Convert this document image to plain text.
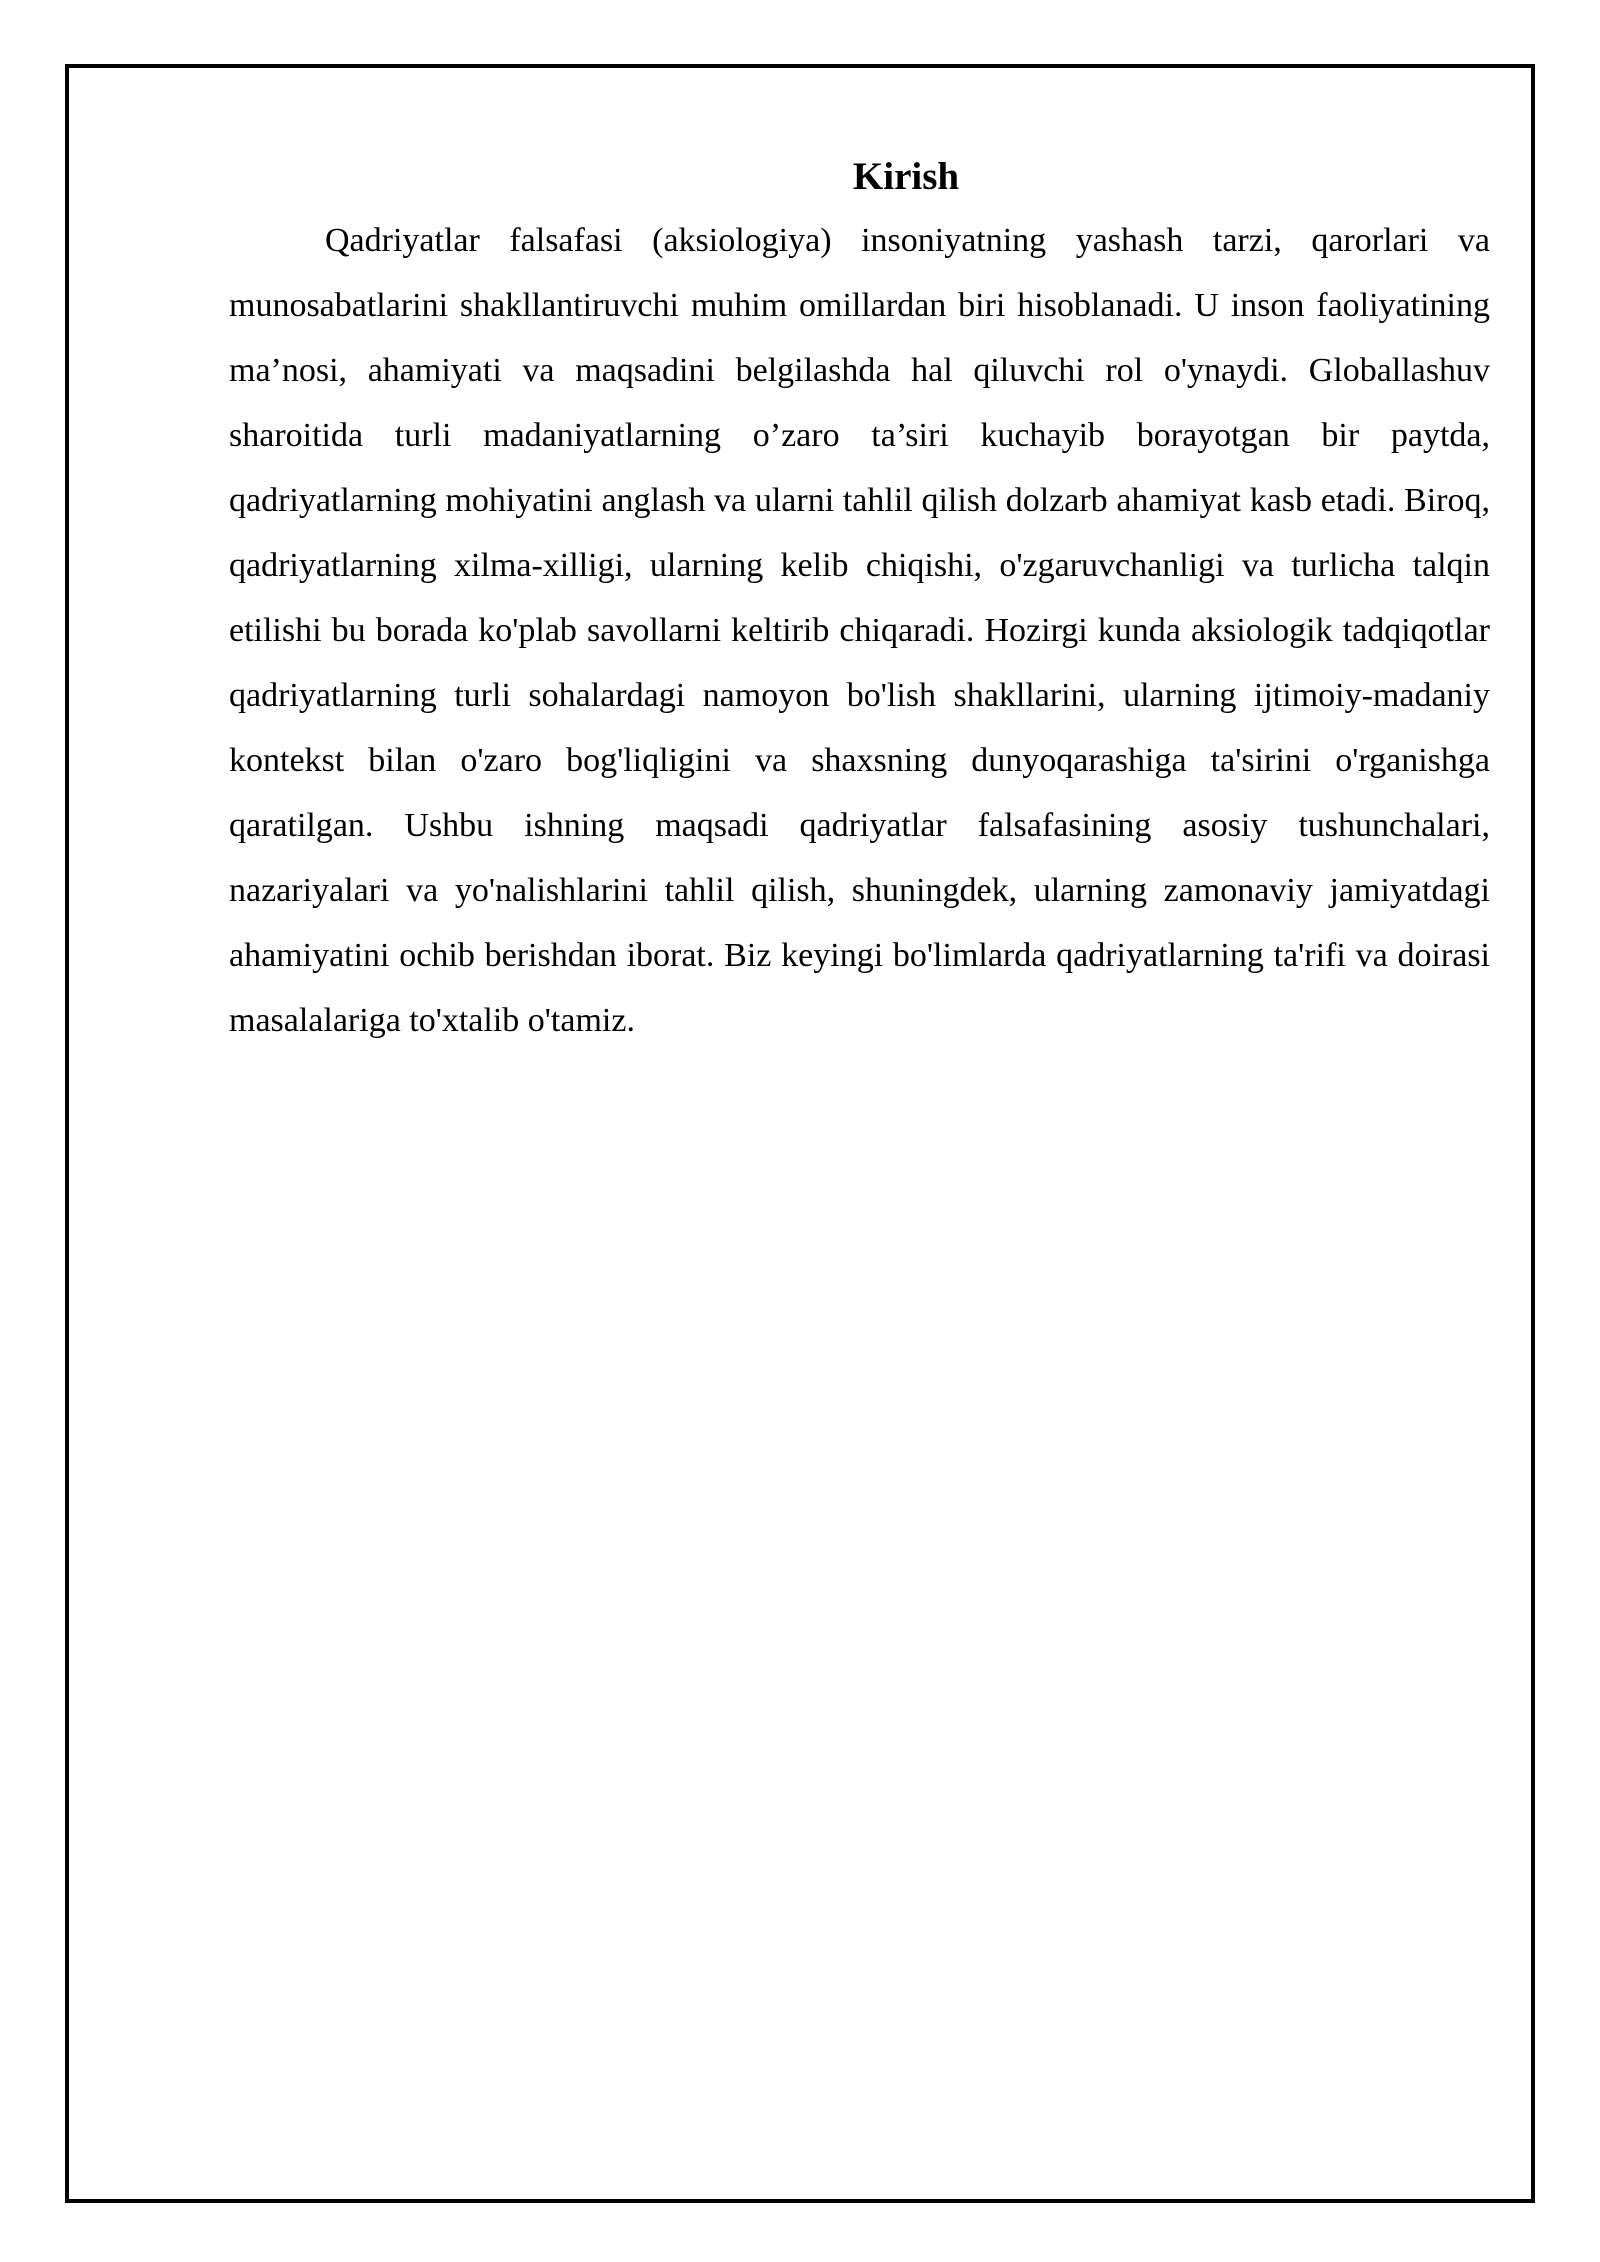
Kirish

Qadriyatlar falsafasi (aksiologiya) insoniyatning yashash tarzi, qarorlari va munosabatlarini shakllantiruvchi muhim omillardan biri hisoblanadi. U inson faoliyatining ma’nosi, ahamiyati va maqsadini belgilashda hal qiluvchi rol o'ynaydi. Globallashuv sharoitida turli madaniyatlarning o’zaro ta’siri kuchayib borayotgan bir paytda, qadriyatlarning mohiyatini anglash va ularni tahlil qilish dolzarb ahamiyat kasb etadi. Biroq, qadriyatlarning xilma-xilligi, ularning kelib chiqishi, o'zgaruvchanligi va turlicha talqin etilishi bu borada ko'plab savollarni keltirib chiqaradi. Hozirgi kunda aksiologik tadqiqotlar qadriyatlarning turli sohalardagi namoyon bo'lish shakllarini, ularning ijtimoiy-madaniy kontekst bilan o'zaro bog'liqligini va shaxsning dunyoqarashiga ta'sirini o'rganishga qaratilgan. Ushbu ishning maqsadi qadriyatlar falsafasining asosiy tushunchalari, nazariyalari va yo'nalishlarini tahlil qilish, shuningdek, ularning zamonaviy jamiyatdagi ahamiyatini ochib berishdan iborat. Biz keyingi bo'limlarda qadriyatlarning ta'rifi va doirasi masalalariga to'xtalib o'tamiz.
